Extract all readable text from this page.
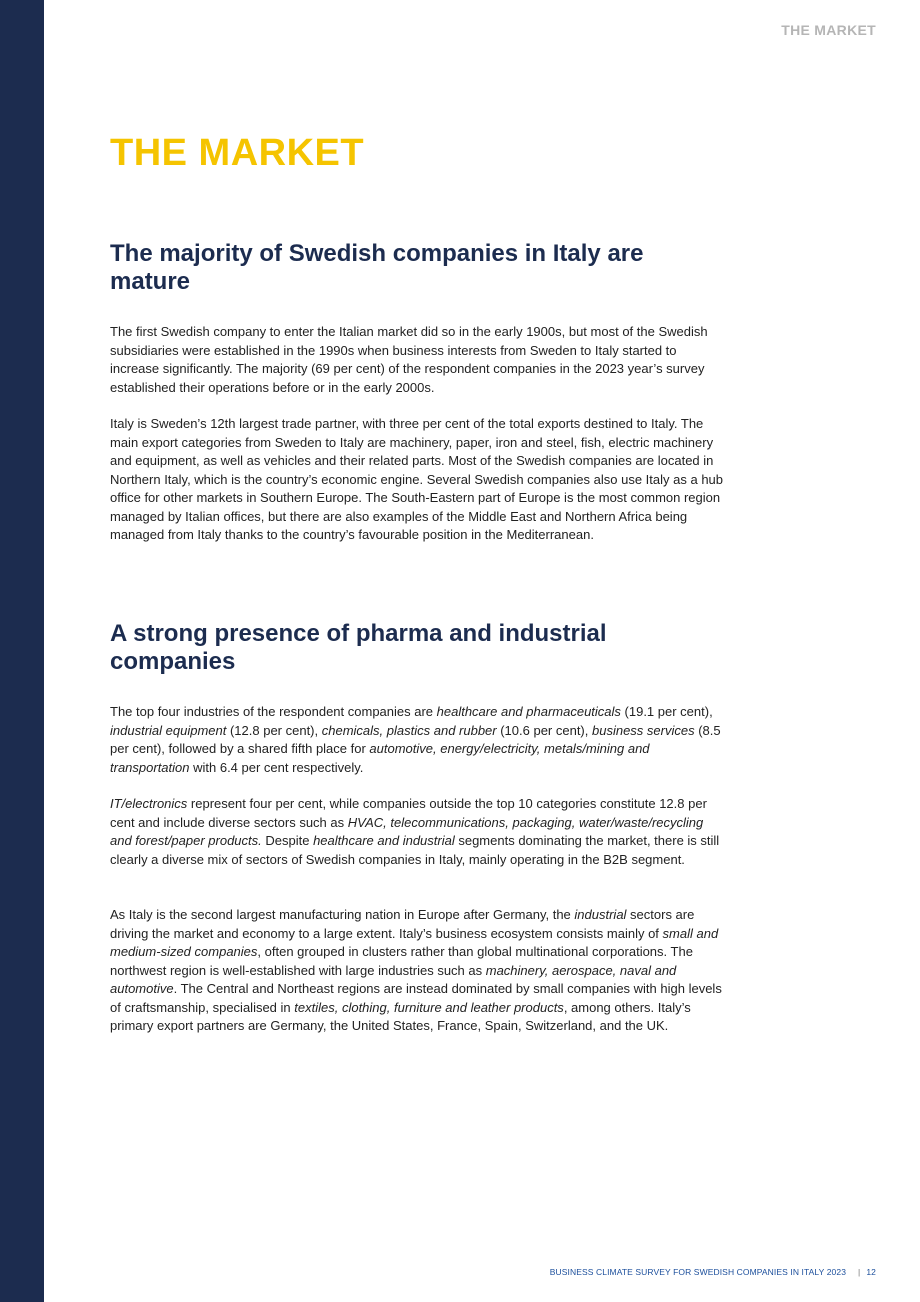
THE MARKET
THE MARKET
The majority of Swedish companies in Italy are mature

The first Swedish company to enter the Italian market did so in the early 1900s, but most of the Swedish subsidiaries were established in the 1990s when business interests from Sweden to Italy started to increase significantly. The majority (69 per cent) of the respondent companies in the 2023 year’s survey established their operations before or in the early 2000s.

Italy is Sweden’s 12th largest trade partner, with three per cent of the total exports destined to Italy. The main export categories from Sweden to Italy are machinery, paper, iron and steel, fish, electric machinery and equipment, as well as vehicles and their related parts. Most of the Swedish companies are located in Northern Italy, which is the country’s economic engine. Several Swedish companies also use Italy as a hub office for other markets in Southern Europe. The South-Eastern part of Europe is the most common region managed by Italian offices, but there are also examples of the Middle East and Northern Africa being managed from Italy thanks to the country’s favourable position in the Mediterranean.

A strong presence of pharma and industrial companies

The top four industries of the respondent companies are healthcare and pharmaceuticals (19.1 per cent), industrial equipment (12.8 per cent), chemicals, plastics and rubber (10.6 per cent), business services (8.5 per cent), followed by a shared fifth place for automotive, energy/electricity, metals/mining and transportation with 6.4 per cent respectively.

IT/electronics represent four per cent, while companies outside the top 10 categories constitute 12.8 per cent and include diverse sectors such as HVAC, telecommunications, packaging, water/waste/recycling and forest/paper products. Despite healthcare and industrial segments dominating the market, there is still clearly a diverse mix of sectors of Swedish companies in Italy, mainly operating in the B2B segment.

As Italy is the second largest manufacturing nation in Europe after Germany, the industrial sectors are driving the market and economy to a large extent. Italy’s business ecosystem consists mainly of small and medium-sized companies, often grouped in clusters rather than global multinational corporations. The northwest region is well-established with large industries such as machinery, aerospace, naval and automotive. The Central and Northeast regions are instead dominated by small companies with high levels of craftsmanship, specialised in textiles, clothing, furniture and leather products, among others. Italy’s primary export partners are Germany, the United States, France, Spain, Switzerland, and the UK.

BUSINESS CLIMATE SURVEY FOR SWEDISH COMPANIES IN ITALY 2023 | 12
